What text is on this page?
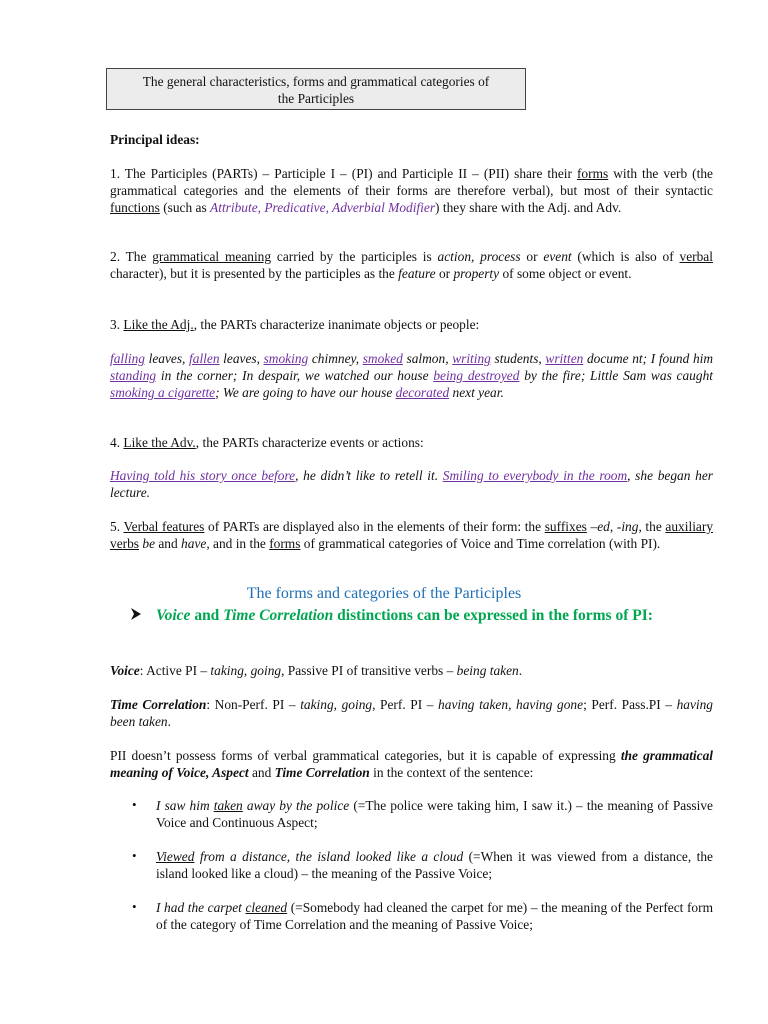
The general characteristics, forms and grammatical categories of
the Participles
Principal ideas:
1. The Participles (PARTs) – Participle I – (PI) and Participle II – (PII) share their forms with the verb (the grammatical categories and the elements of their forms are therefore verbal), but most of their syntactic functions (such as Attribute, Predicative, Adverbial Modifier) they share with the Adj. and Adv.
2. The grammatical meaning carried by the participles is action, process or event (which is also of verbal character), but it is presented by the participles as the feature or property of some object or event.
3. Like the Adj., the PARTs characterize inanimate objects or people:
falling leaves, fallen leaves, smoking chimney, smoked salmon, writing students, written docume nt; I found him standing in the corner; In despair, we watched our house being destroyed by the fire; Little Sam was caught smoking a cigarette; We are going to have our house decorated next year.
4. Like the Adv., the PARTs characterize events or actions:
Having told his story once before, he didn’t like to retell it. Smiling to everybody in the room, she began her lecture.
5. Verbal features of PARTs are displayed also in the elements of their form: the suffixes –ed, -ing, the auxiliary verbs be and have, and in the forms of grammatical categories of Voice and Time correlation (with PI).
The forms and categories of the Participles
Voice and Time Correlation distinctions can be expressed in the forms of PI:
Voice: Active PI – taking, going, Passive PI of transitive verbs – being taken.
Time Correlation: Non-Perf. PI – taking, going, Perf. PI – having taken, having gone; Perf. Pass.PI – having been taken.
PII doesn’t possess forms of verbal grammatical categories, but it is capable of expressing the grammatical meaning of Voice, Aspect and Time Correlation in the context of the sentence:
• I saw him taken away by the police (=The police were taking him, I saw it.) – the meaning of Passive Voice and Continuous Aspect;
• Viewed from a distance, the island looked like a cloud (=When it was viewed from a distance, the island looked like a cloud) – the meaning of the Passive Voice;
• I had the carpet cleaned (=Somebody had cleaned the carpet for me) – the meaning of the Perfect form of the category of Time Correlation and the meaning of Passive Voice;
